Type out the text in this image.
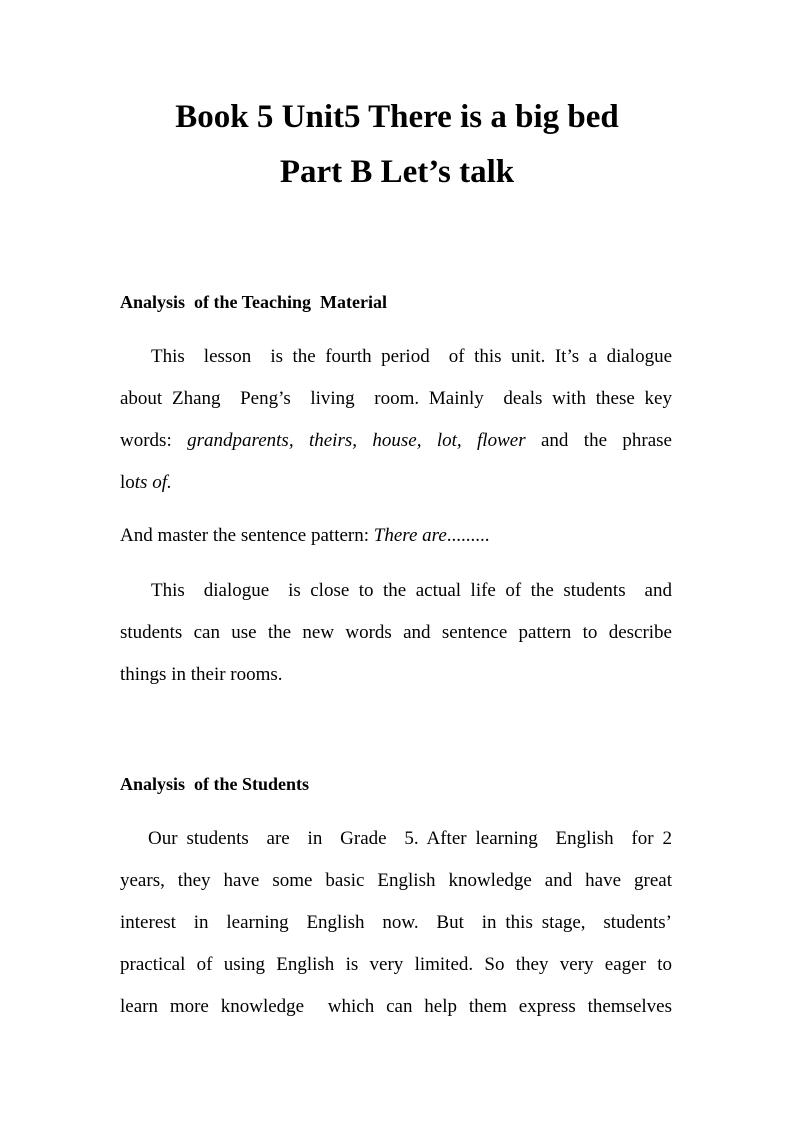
Book 5 Unit5 There is a big bed
Part B Let’s talk
Analysis  of the Teaching  Material

This  lesson  is the fourth period  of this unit. It’s a dialogue
about Zhang  Peng’s  living  room. Mainly  deals with these key
words: grandparents, theirs, house, lot, flower and the phrase
lots of.

And master the sentence pattern: There are.........

This  dialogue  is close to the actual life of the students  and
students can use the new words and sentence pattern to describe
things in their rooms.

Analysis  of the Students

Our students  are  in  Grade  5. After learning  English  for 2
years, they have some basic English knowledge and have great
interest  in  learning  English  now.  But  in this stage,  students’
practical of using English is very limited. So they very eager to
learn more knowledge  which can help them express themselves
